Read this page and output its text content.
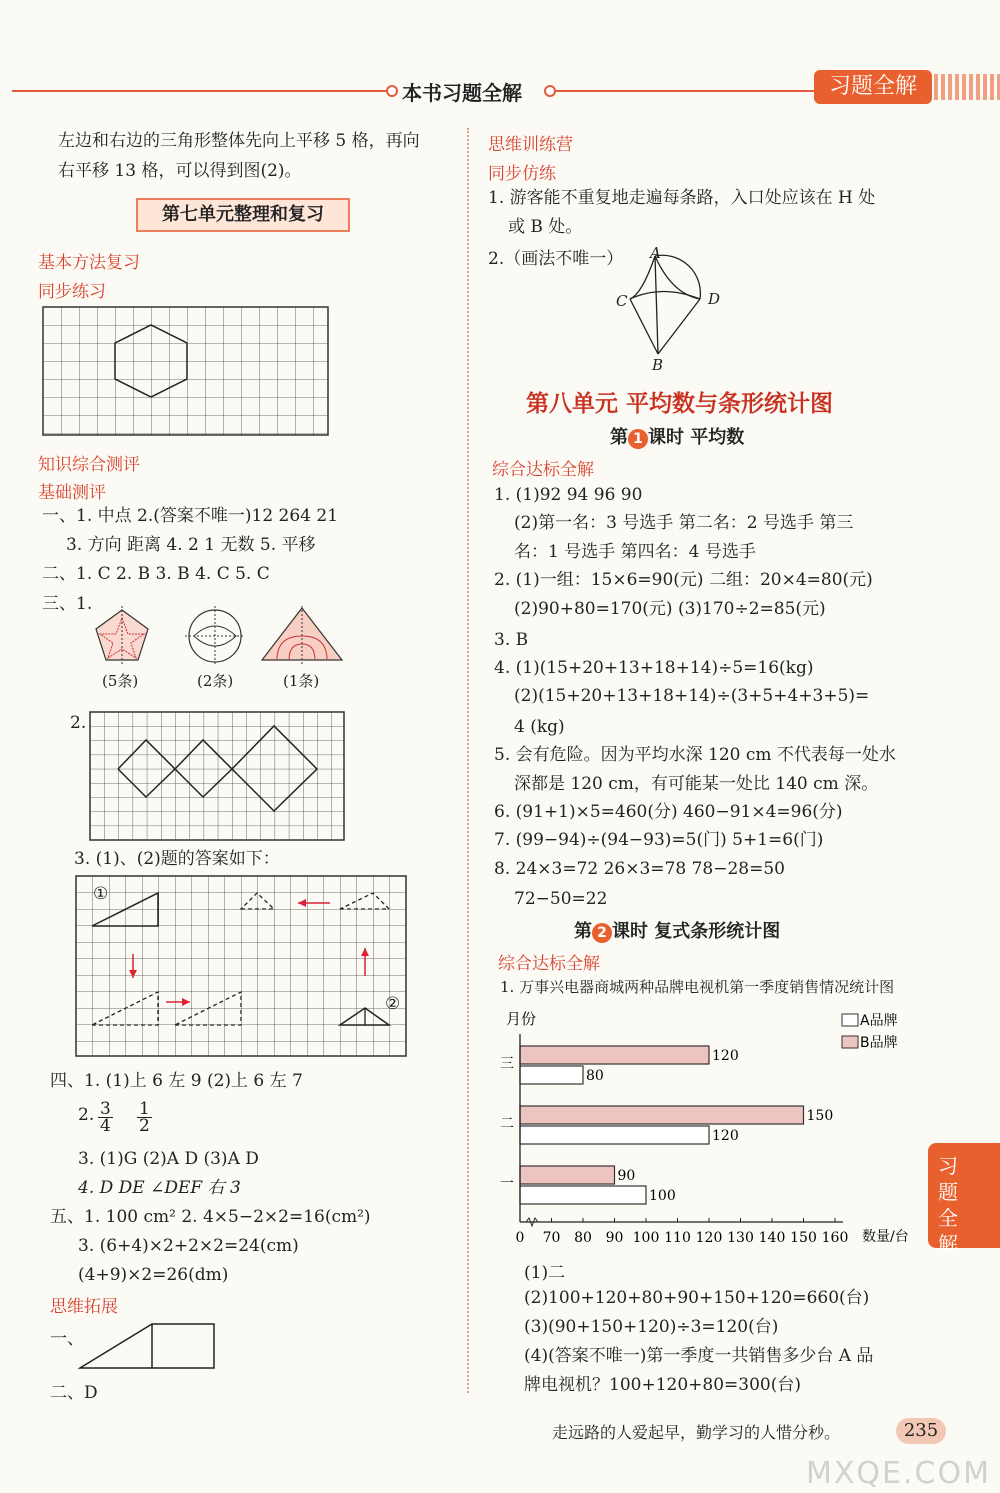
本书习题全解	习题全解
习题全解
左边和右边的三角形整体先向上平移 5 格，再向
右平移 13 格，可以得到图(2)。
第七单元整理和复习
基本方法复习
同步练习
知识综合测评
基础测评
一、1. 中点 2.(答案不唯一)12 264 21
3. 方向 距离 4. 2 1 无数 5. 平移
二、1. C 2. B 3. B 4. C 5. C
三、1.
(5条)	(2条)	(1条)
2.
3. (1)、(2)题的答案如下：
①
②
四、1. (1)上 6 左 9 (2)上 6 左 7
2. $\frac{3}{4} \frac{1}{2}$
3. (1)G (2)A D (3)A D
4. D DE ∠DEF 右 3
五、1. 100 cm² 2. 4×5−2×2=16(cm²)
3. (6+4)×2+2×2=24(cm)
(4+9)×2=26(dm)
思维拓展
一、
二、D
思维训练营
同步仿练
1. 游客能不重复地走遍每条路，入口处应该在 H 处
或 B 处。
2.（画法不唯一） A
C	D
B
第八单元 平均数与条形统计图
第 1 课时 平均数
综合达标全解
1. (1)92 94 96 90
(2)第一名：3 号选手 第二名：2 号选手 第三
名：1 号选手 第四名：4 号选手
2. (1)一组：15×6=90(元) 二组：20×4=80(元)
(2)90+80=170(元) (3)170÷2=85(元)
3. B
4. (1)(15+20+13+18+14)÷5=16(kg)
(2)(15+20+13+18+14)÷(3+5+4+3+5)=
4 (kg)
5. 会有危险。因为平均水深 120 cm 不代表每一处水
深都是 120 cm，有可能某一处比 140 cm 深。
6. (91+1)×5=460(分) 460−91×4=96(分)
7. (99−94)÷(94−93)=5(门) 5+1=6(门)
8. 24×3=72 26×3=78 78−28=50
72−50=22
第 2 课时 复式条形统计图
综合达标全解
1. 万事兴电器商城两种品牌电视机第一季度销售情况统计图
月份	A品牌
B品牌
一	90
100
二	150
120
三	120
80
0 70 80 90 100 110 120 130 140 150 160 数量/台
(1)二
(2)100+120+80+90+150+120=660(台)
(3)(90+150+120)÷3=120(台)
(4)(答案不唯一)第一季度一共销售多少台 A 品
牌电视机？100+120+80=300(台)
走远路的人爱起早，勤学习的人惜分秒。	235
MXQE.COM
